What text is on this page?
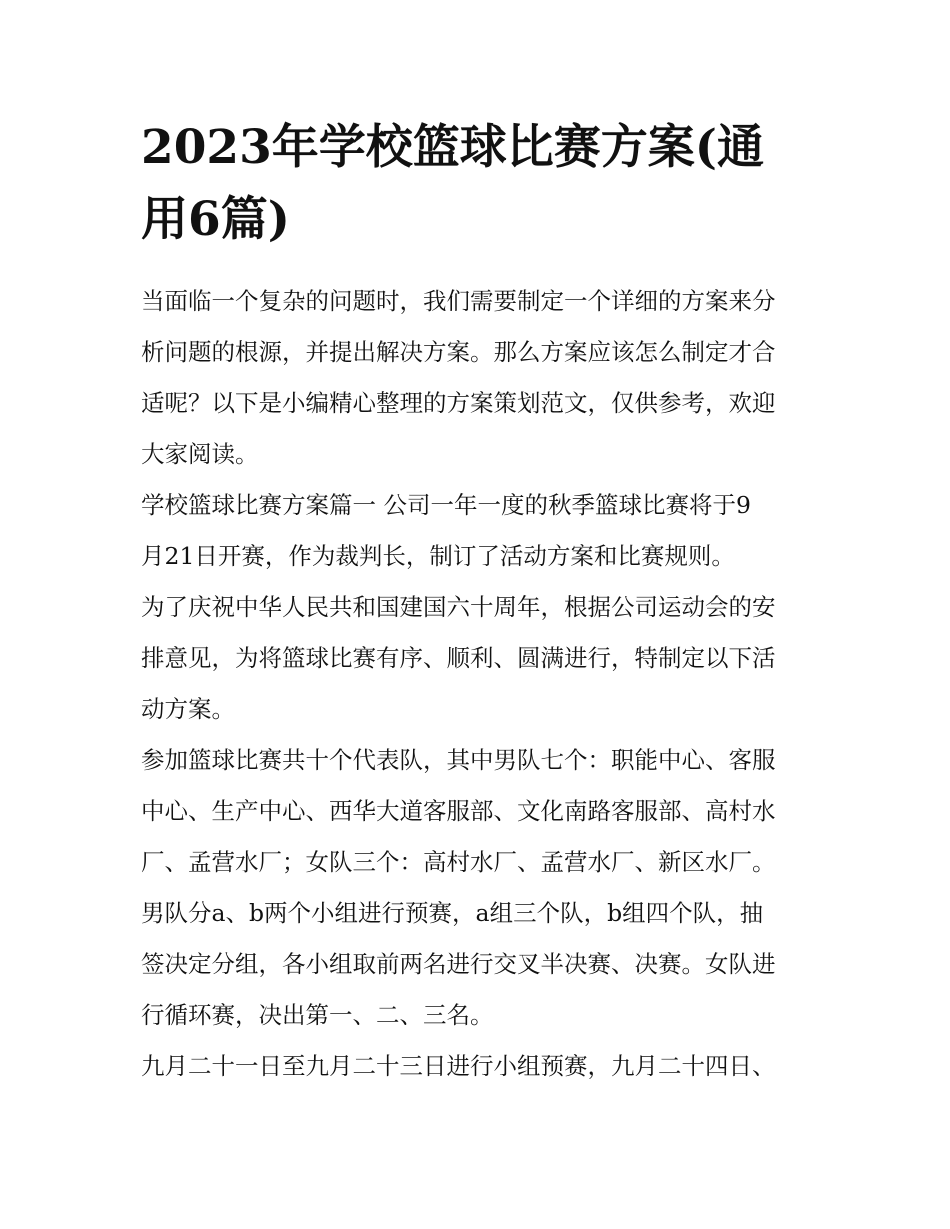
2023年学校篮球比赛方案(通
用6篇)

当面临一个复杂的问题时，我们需要制定一个详细的方案来分
析问题的根源，并提出解决方案。那么方案应该怎么制定才合
适呢？以下是小编精心整理的方案策划范文，仅供参考，欢迎
大家阅读。

学校篮球比赛方案篇一 公司一年一度的秋季篮球比赛将于9
月21日开赛，作为裁判长，制订了活动方案和比赛规则。

为了庆祝中华人民共和国建国六十周年，根据公司运动会的安
排意见，为将篮球比赛有序、顺利、圆满进行，特制定以下活
动方案。

参加篮球比赛共十个代表队，其中男队七个：职能中心、客服
中心、生产中心、西华大道客服部、文化南路客服部、高村水
厂、孟营水厂；女队三个：高村水厂、孟营水厂、新区水厂。
男队分a、b两个小组进行预赛，a组三个队，b组四个队，抽
签决定分组，各小组取前两名进行交叉半决赛、决赛。女队进
行循环赛，决出第一、二、三名。

九月二十一日至九月二十三日进行小组预赛，九月二十四日、
